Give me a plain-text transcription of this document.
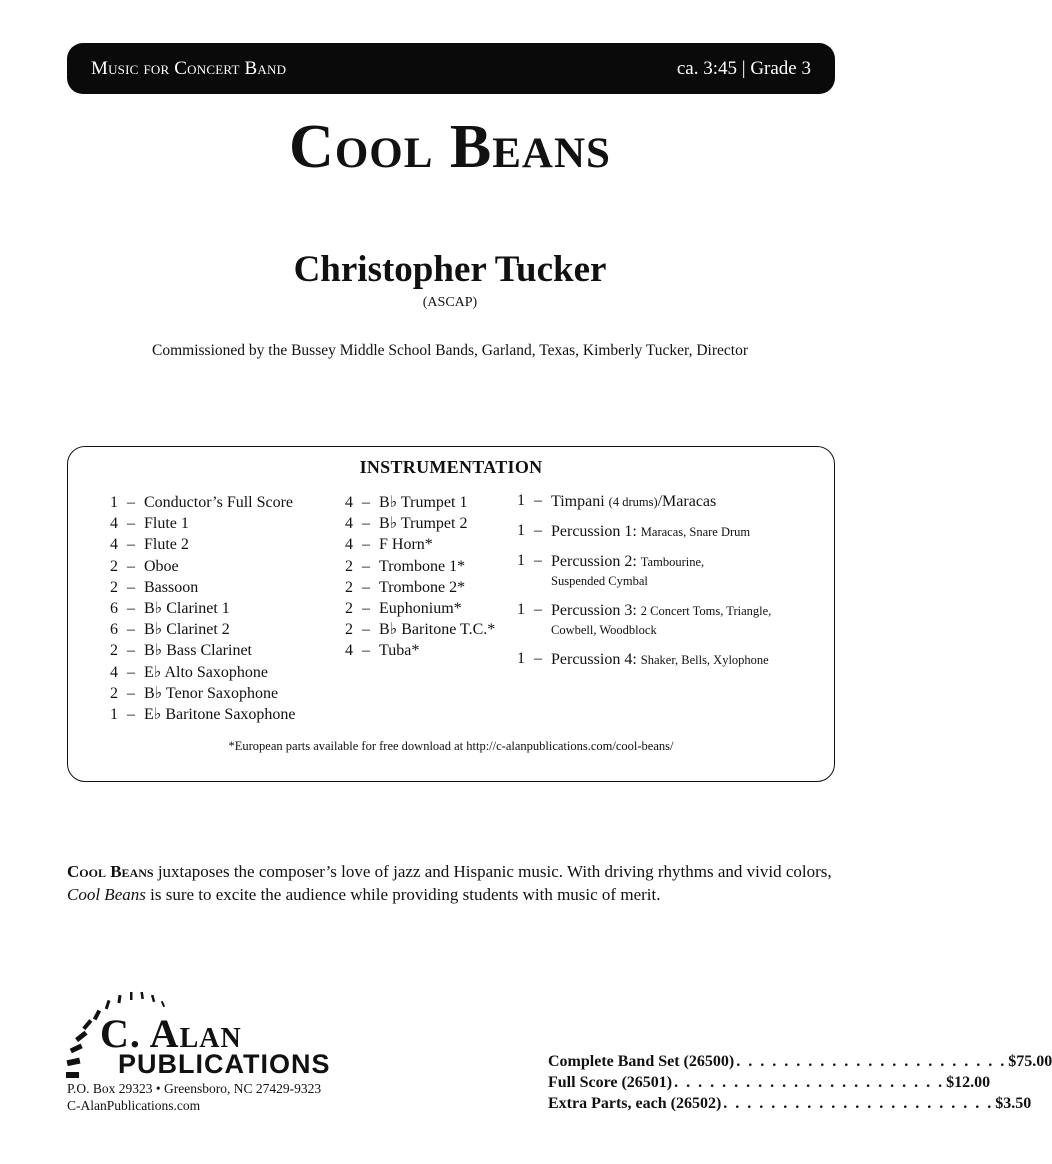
Music for Concert Band	ca. 3:45 | Grade 3
Cool Beans
Christopher Tucker
(ASCAP)
Commissioned by the Bussey Middle School Bands, Garland, Texas, Kimberly Tucker, Director
INSTRUMENTATION
1 – Conductor’s Full Score
4 – Flute 1
4 – Flute 2
2 – Oboe
2 – Bassoon
6 – B♭ Clarinet 1
6 – B♭ Clarinet 2
2 – B♭ Bass Clarinet
4 – E♭ Alto Saxophone
2 – B♭ Tenor Saxophone
1 – E♭ Baritone Saxophone
4 – B♭ Trumpet 1
4 – B♭ Trumpet 2
4 – F Horn*
2 – Trombone 1*
2 – Trombone 2*
2 – Euphonium*
2 – B♭ Baritone T.C.*
4 – Tuba*
1 – Timpani (4 drums)/Maracas
1 – Percussion 1: Maracas, Snare Drum
1 – Percussion 2: Tambourine,
Suspended Cymbal
1 – Percussion 3: 2 Concert Toms, Triangle,
Cowbell, Woodblock
1 – Percussion 4: Shaker, Bells, Xylophone
*European parts available for free download at http://c-alanpublications.com/cool-beans/
Cool Beans juxtaposes the composer’s love of jazz and Hispanic music. With driving rhythms and vivid colors, Cool Beans is sure to excite the audience while providing students with music of merit.
C. Alan
PUBLICATIONS
P.O. Box 29323 • Greensboro, NC 27429-9323
C-AlanPublications.com
Complete Band Set (26500) . . . . . . . . . . . . . . . . . . . . . . . $75.00
Full Score (26501) . . . . . . . . . . . . . . . . . . . . . . . $12.00
Extra Parts, each (26502) . . . . . . . . . . . . . . . . . . . . . . . $3.50
